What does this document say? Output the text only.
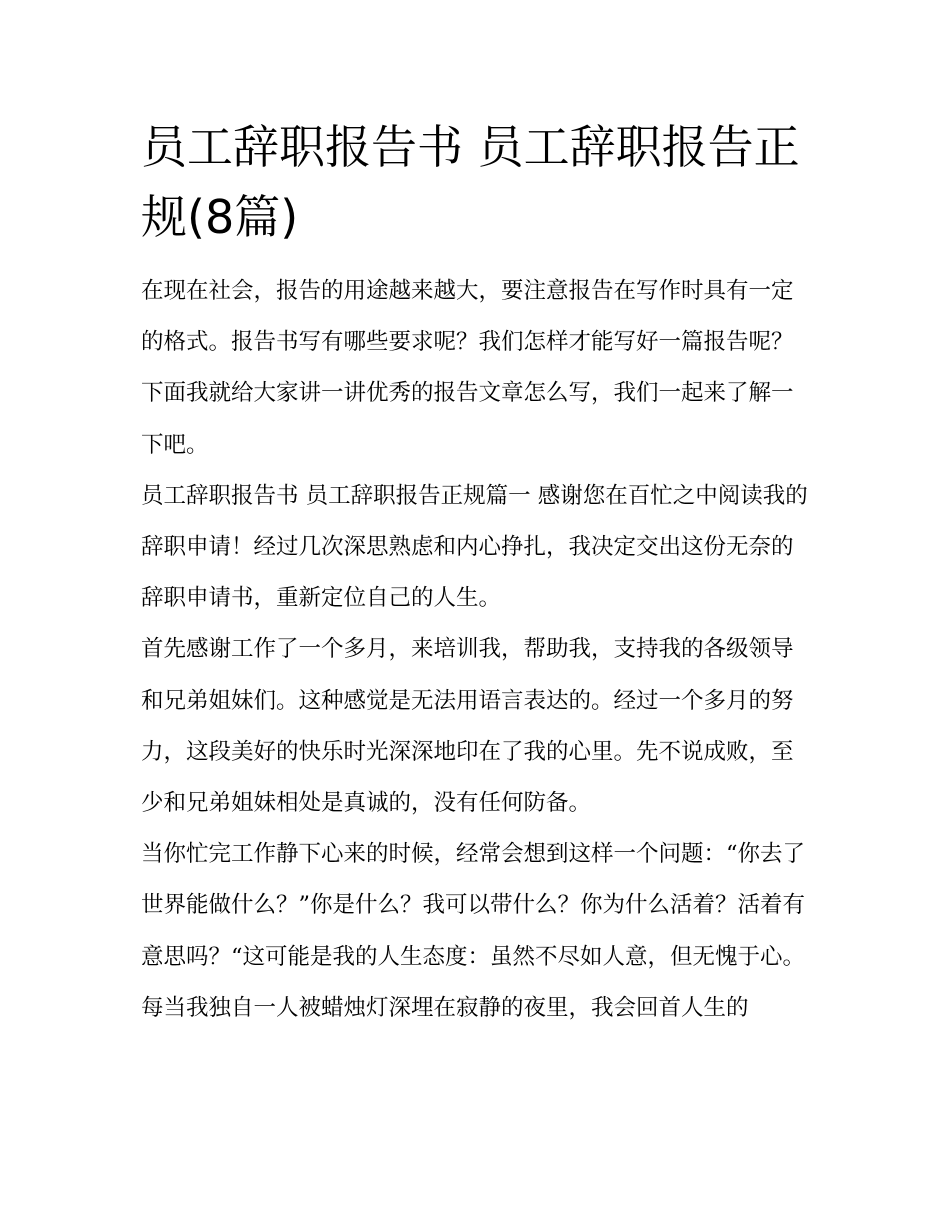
员工辞职报告书 员工辞职报告正规(8篇)

在现在社会，报告的用途越来越大，要注意报告在写作时具有一定的格式。报告书写有哪些要求呢？我们怎样才能写好一篇报告呢？下面我就给大家讲一讲优秀的报告文章怎么写，我们一起来了解一下吧。

员工辞职报告书 员工辞职报告正规篇一 感谢您在百忙之中阅读我的辞职申请！经过几次深思熟虑和内心挣扎，我决定交出这份无奈的辞职申请书，重新定位自己的人生。

首先感谢工作了一个多月，来培训我，帮助我，支持我的各级领导和兄弟姐妹们。这种感觉是无法用语言表达的。经过一个多月的努力，这段美好的快乐时光深深地印在了我的心里。先不说成败，至少和兄弟姐妹相处是真诚的，没有任何防备。

当你忙完工作静下心来的时候，经常会想到这样一个问题：“你去了世界能做什么？”你是什么？我可以带什么？你为什么活着？活着有意思吗？“这可能是我的人生态度：虽然不尽如人意，但无愧于心。

每当我独自一人被蜡烛灯深埋在寂静的夜里，我会回首人生的
